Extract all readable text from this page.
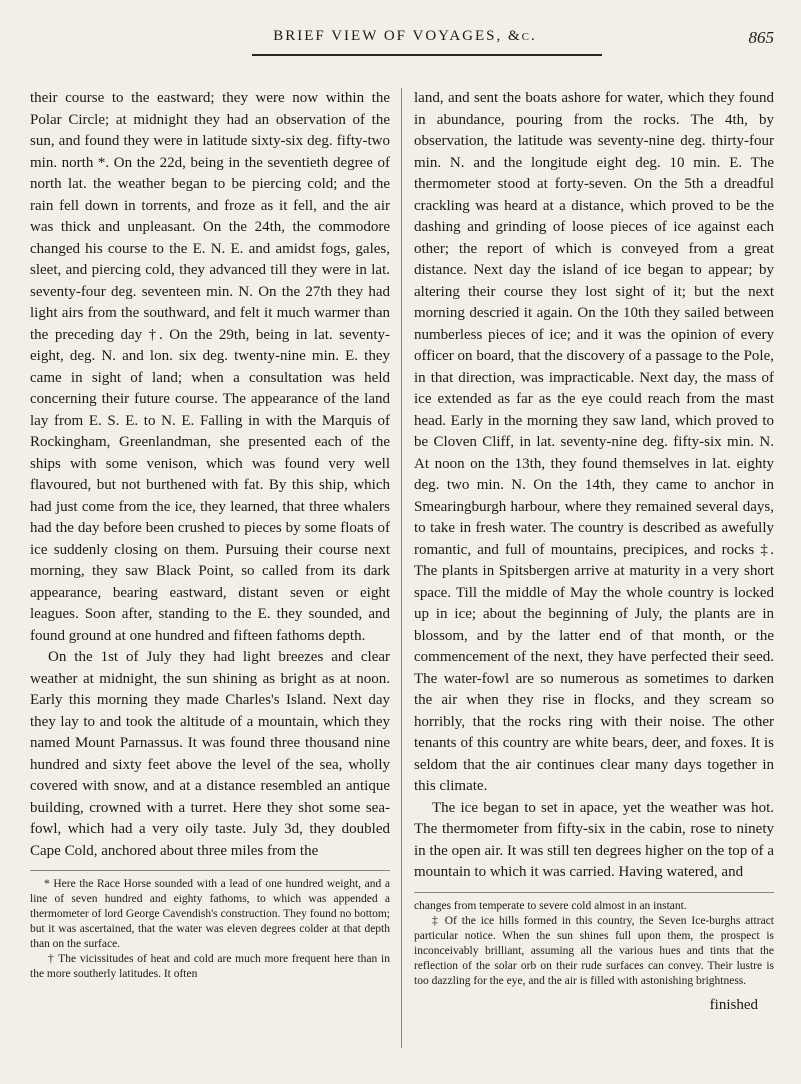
BRIEF VIEW OF VOYAGES, &c.	865

their course to the eastward; they were now within the Polar Circle; at midnight they had an observation of the sun, and found they were in latitude sixty-six deg. fifty-two min. north *. On the 22d, being in the seventieth degree of north lat. the weather began to be piercing cold; and the rain fell down in torrents, and froze as it fell, and the air was thick and unpleasant. On the 24th, the commodore changed his course to the E. N. E. and amidst fogs, gales, sleet, and piercing cold, they advanced till they were in lat. seventy-four deg. seventeen min. N. On the 27th they had light airs from the southward, and felt it much warmer than the preceding day †. On the 29th, being in lat. seventy-eight, deg. N. and lon. six deg. twenty-nine min. E. they came in sight of land; when a consultation was held concerning their future course. The appearance of the land lay from E. S. E. to N. E. Falling in with the Marquis of Rockingham, Greenlandman, she presented each of the ships with some venison, which was found very well flavoured, but not burthened with fat. By this ship, which had just come from the ice, they learned, that three whalers had the day before been crushed to pieces by some floats of ice suddenly closing on them. Pursuing their course next morning, they saw Black Point, so called from its dark appearance, bearing eastward, distant seven or eight leagues. Soon after, standing to the E. they sounded, and found ground at one hundred and fifteen fathoms depth.

On the 1st of July they had light breezes and clear weather at midnight, the sun shining as bright as at noon. Early this morning they made Charles's Island. Next day they lay to and took the altitude of a mountain, which they named Mount Parnassus. It was found three thousand nine hundred and sixty feet above the level of the sea, wholly covered with snow, and at a distance resembled an antique building, crowned with a turret. Here they shot some sea-fowl, which had a very oily taste. July 3d, they doubled Cape Cold, anchored about three miles from the

* Here the Race Horse sounded with a lead of one hundred weight, and a line of seven hundred and eighty fathoms, to which was appended a thermometer of lord George Cavendish's construction. They found no bottom; but it was ascertained, that the water was eleven degrees colder at that depth than on the surface.

† The vicissitudes of heat and cold are much more frequent here than in the more southerly latitudes. It often

land, and sent the boats ashore for water, which they found in abundance, pouring from the rocks. The 4th, by observation, the latitude was seventy-nine deg. thirty-four min. N. and the longitude eight deg. 10 min. E. The thermometer stood at forty-seven. On the 5th a dreadful crackling was heard at a distance, which proved to be the dashing and grinding of loose pieces of ice against each other; the report of which is conveyed from a great distance. Next day the island of ice began to appear; by altering their course they lost sight of it; but the next morning descried it again. On the 10th they sailed between numberless pieces of ice; and it was the opinion of every officer on board, that the discovery of a passage to the Pole, in that direction, was impracticable. Next day, the mass of ice extended as far as the eye could reach from the mast head. Early in the morning they saw land, which proved to be Cloven Cliff, in lat. seventy-nine deg. fifty-six min. N. At noon on the 13th, they found themselves in lat. eighty deg. two min. N. On the 14th, they came to anchor in Smearingburgh harbour, where they remained several days, to take in fresh water. The country is described as awefully romantic, and full of mountains, precipices, and rocks ‡. The plants in Spitsbergen arrive at maturity in a very short space. Till the middle of May the whole country is locked up in ice; about the beginning of July, the plants are in blossom, and by the latter end of that month, or the commencement of the next, they have perfected their seed. The water-fowl are so numerous as sometimes to darken the air when they rise in flocks, and they scream so horribly, that the rocks ring with their noise. The other tenants of this country are white bears, deer, and foxes. It is seldom that the air continues clear many days together in this climate.

The ice began to set in apace, yet the weather was hot. The thermometer from fifty-six in the cabin, rose to ninety in the open air. It was still ten degrees higher on the top of a mountain to which it was carried. Having watered, and

changes from temperate to severe cold almost in an instant.

‡ Of the ice hills formed in this country, the Seven Ice-burghs attract particular notice. When the sun shines full upon them, the prospect is inconceivably brilliant, assuming all the various hues and tints that the reflection of the solar orb on their rude surfaces can convey. Their lustre is too dazzling for the eye, and the air is filled with astonishing brightness.

finished
